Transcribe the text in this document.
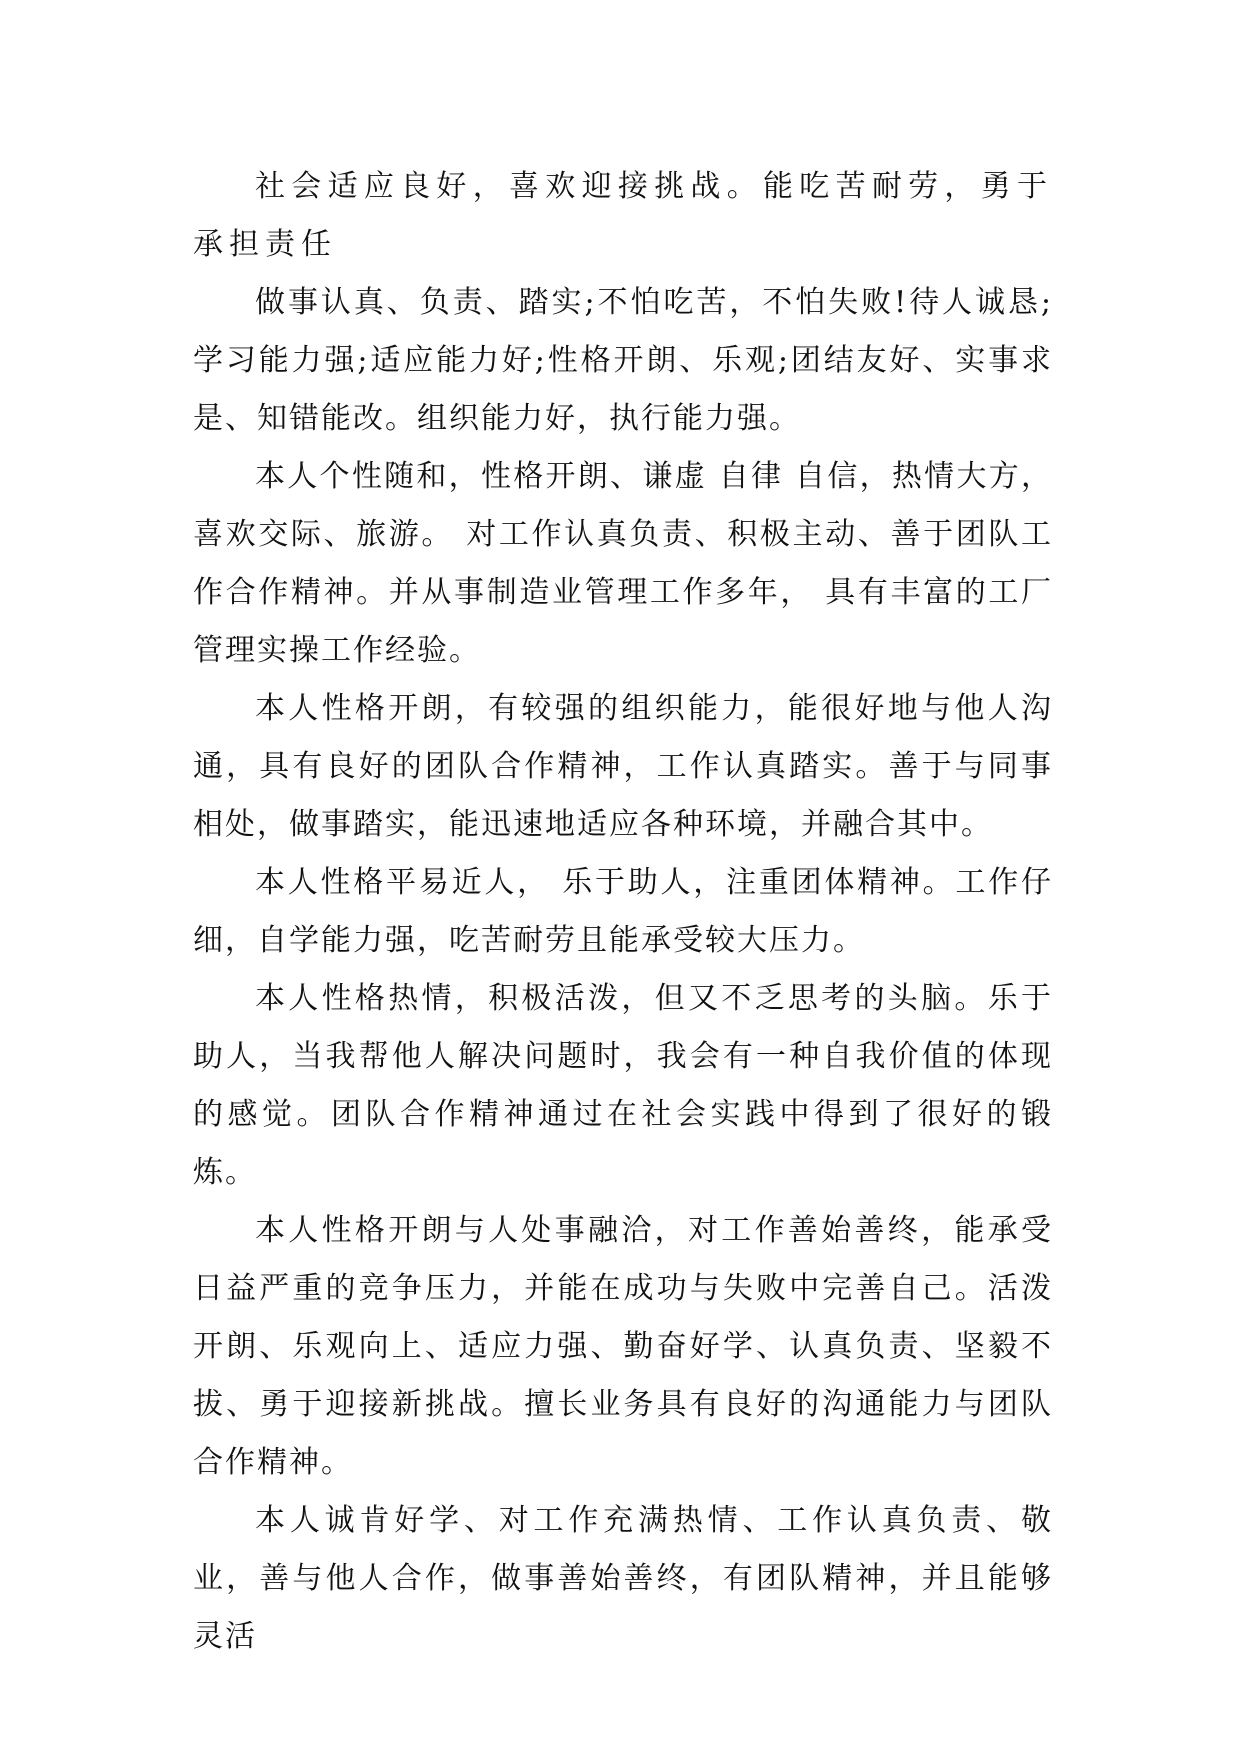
社会适应良好，喜欢迎接挑战。能吃苦耐劳，勇于承担责任

做事认真、负责、踏实;不怕吃苦，不怕失败!待人诚恳;学习能力强;适应能力好;性格开朗、乐观;团结友好、实事求是、知错能改。组织能力好，执行能力强。

本人个性随和，性格开朗、谦虚 自律 自信，热情大方，喜欢交际、旅游。 对工作认真负责、积极主动、善于团队工作合作精神。并从事制造业管理工作多年， 具有丰富的工厂管理实操工作经验。

本人性格开朗，有较强的组织能力，能很好地与他人沟通，具有良好的团队合作精神，工作认真踏实。善于与同事相处，做事踏实，能迅速地适应各种环境，并融合其中。

本人性格平易近人， 乐于助人，注重团体精神。工作仔细，自学能力强，吃苦耐劳且能承受较大压力。

本人性格热情，积极活泼，但又不乏思考的头脑。乐于助人，当我帮他人解决问题时，我会有一种自我价值的体现的感觉。团队合作精神通过在社会实践中得到了很好的锻炼。

本人性格开朗与人处事融洽，对工作善始善终，能承受日益严重的竞争压力，并能在成功与失败中完善自己。活泼开朗、乐观向上、适应力强、勤奋好学、认真负责、坚毅不拔、勇于迎接新挑战。擅长业务具有良好的沟通能力与团队合作精神。

本人诚肯好学、对工作充满热情、工作认真负责、敬业，善与他人合作，做事善始善终，有团队精神，并且能够灵活
